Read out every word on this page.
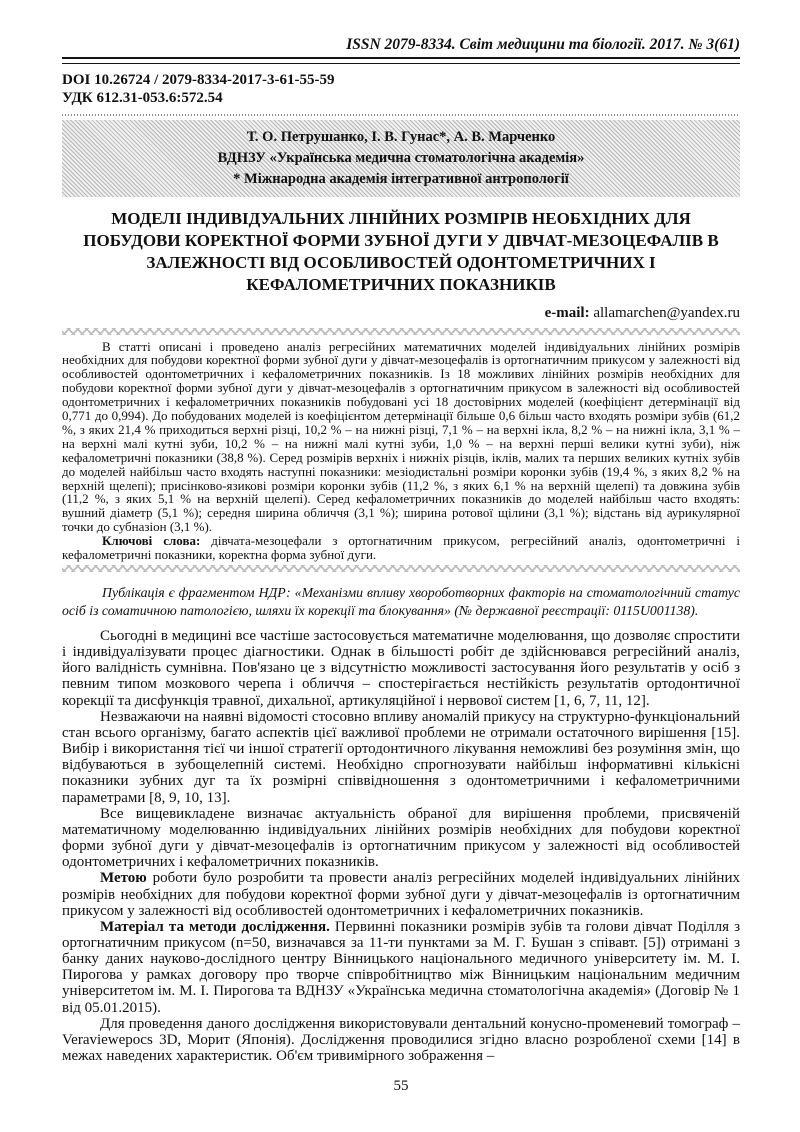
ISSN 2079-8334. Світ медицини та біології. 2017. № 3(61)
DOI 10.26724 / 2079-8334-2017-3-61-55-59
УДК 612.31-053.6:572.54
Т. О. Петрушанко, І. В. Гунас*, А. В. Марченко
ВДНЗУ «Українська медична стоматологічна академія»
* Міжнародна академія інтегративної антропології
МОДЕЛІ ІНДИВІДУАЛЬНИХ ЛІНІЙНИХ РОЗМІРІВ НЕОБХІДНИХ ДЛЯ ПОБУДОВИ КОРЕКТНОЇ ФОРМИ ЗУБНОЇ ДУГИ У ДІВЧАТ-МЕЗОЦЕФАЛІВ В ЗАЛЕЖНОСТІ ВІД ОСОБЛИВОСТЕЙ ОДОНТОМЕТРИЧНИХ І КЕФАЛОМЕТРИЧНИХ ПОКАЗНИКІВ
e-mail: allamarchen@yandex.ru

В статті описані і проведено аналіз регресійних математичних моделей індивідуальних лінійних розмірів необхідних для побудови коректної форми зубної дуги у дівчат-мезоцефалів із ортогнатичним прикусом у залежності від особливостей одонтометричних і кефалометричних показників. Із 18 можливих лінійних розмірів необхідних для побудови коректної форми зубної дуги у дівчат-мезоцефалів з ортогнатичним прикусом в залежності від особливостей одонтометричних і кефалометричних показників побудовані усі 18 достовірних моделей (коефіцієнт детермінації від 0,771 до 0,994). До побудованих моделей із коефіцієнтом детермінації більше 0,6 більш часто входять розміри зубів (61,2 %, з яких 21,4 % приходиться верхні різці, 10,2 % – на нижні різці, 7,1 % – на верхні ікла, 8,2 % – на нижні ікла, 3,1 % – на верхні малі кутні зуби, 10,2 % – на нижні малі кутні зуби, 1,0 % – на верхні перші велики кутні зуби), ніж кефалометричні показники (38,8 %). Серед розмірів верхніх і нижніх різців, іклів, малих та перших великих кутніх зубів до моделей найбільш часто входять наступні показники: мезіодистальні розміри коронки зубів (19,4 %, з яких 8,2 % на верхній щелепі); присінково-язикові розміри коронки зубів (11,2 %, з яких 6,1 % на верхній щелепі) та довжина зубів (11,2 %, з яких 5,1 % на верхній щелепі). Серед кефалометричних показників до моделей найбільш часто входять: вушний діаметр (5,1 %); середня ширина обличчя (3,1 %); ширина ротової щілини (3,1 %); відстань від аурикулярної точки до субназіон (3,1 %).

Ключові слова: дівчата-мезоцефали з ортогнатичним прикусом, регресійний аналіз, одонтометричні і кефалометричні показники, коректна форма зубної дуги.

Публікація є фрагментом НДР: «Механізми впливу хвороботворних факторів на стоматологічний статус осіб із соматичною патологією, шляхи їх корекції та блокування» (№ державної реєстрації: 0115U001138).

Сьогодні в медицині все частіше застосовується математичне моделювання, що дозволяє спростити і індивідуалізувати процес діагностики. Однак в більшості робіт де здійснювався регресійний аналіз, його валідність сумнівна. Пов'язано це з відсутністю можливості застосування його результатів у осіб з певним типом мозкового черепа і обличчя – спостерігається нестійкість результатів ортодонтичної корекції та дисфункція травної, дихальної, артикуляційної і нервової систем [1, 6, 7, 11, 12].

Незважаючи на наявні відомості стосовно впливу аномалій прикусу на структурно-функціональний стан всього організму, багато аспектів цієї важливої проблеми не отримали остаточного вирішення [15]. Вибір і використання тієї чи іншої стратегії ортодонтичного лікування неможливі без розуміння змін, що відбуваються в зубощелепній системі. Необхідно спрогнозувати найбільш інформативні кількісні показники зубних дуг та їх розмірні співвідношення з одонтометричними і кефалометричними параметрами [8, 9, 10, 13].

Все вищевикладене визначає актуальність обраної для вирішення проблеми, присвяченій математичному моделюванню індивідуальних лінійних розмірів необхідних для побудови коректної форми зубної дуги у дівчат-мезоцефалів із ортогнатичним прикусом у залежності від особливостей одонтометричних і кефалометричних показників.

Метою роботи було розробити та провести аналіз регресійних моделей індивідуальних лінійних розмірів необхідних для побудови коректної форми зубної дуги у дівчат-мезоцефалів із ортогнатичним прикусом у залежності від особливостей одонтометричних і кефалометричних показників.

Матеріал та методи дослідження. Первинні показники розмірів зубів та голови дівчат Поділля з ортогнатичним прикусом (n=50, визначався за 11-ти пунктами за М. Г. Бушан з співавт. [5]) отримані з банку даних науково-дослідного центру Вінницького національного медичного університету ім. М. І. Пирогова у рамках договору про творче співробітництво між Вінницьким національним медичним університетом ім. М. І. Пирогова та ВДНЗУ «Українська медична стоматологічна академія» (Договір № 1 від 05.01.2015).

Для проведення даного дослідження використовували дентальний конусно-променевий томограф – Veraviewepocs 3D, Морит (Японія). Дослідження проводилися згідно власно розробленої схеми [14] в межах наведених характеристик. Об'єм тривимірного зображення –

55
